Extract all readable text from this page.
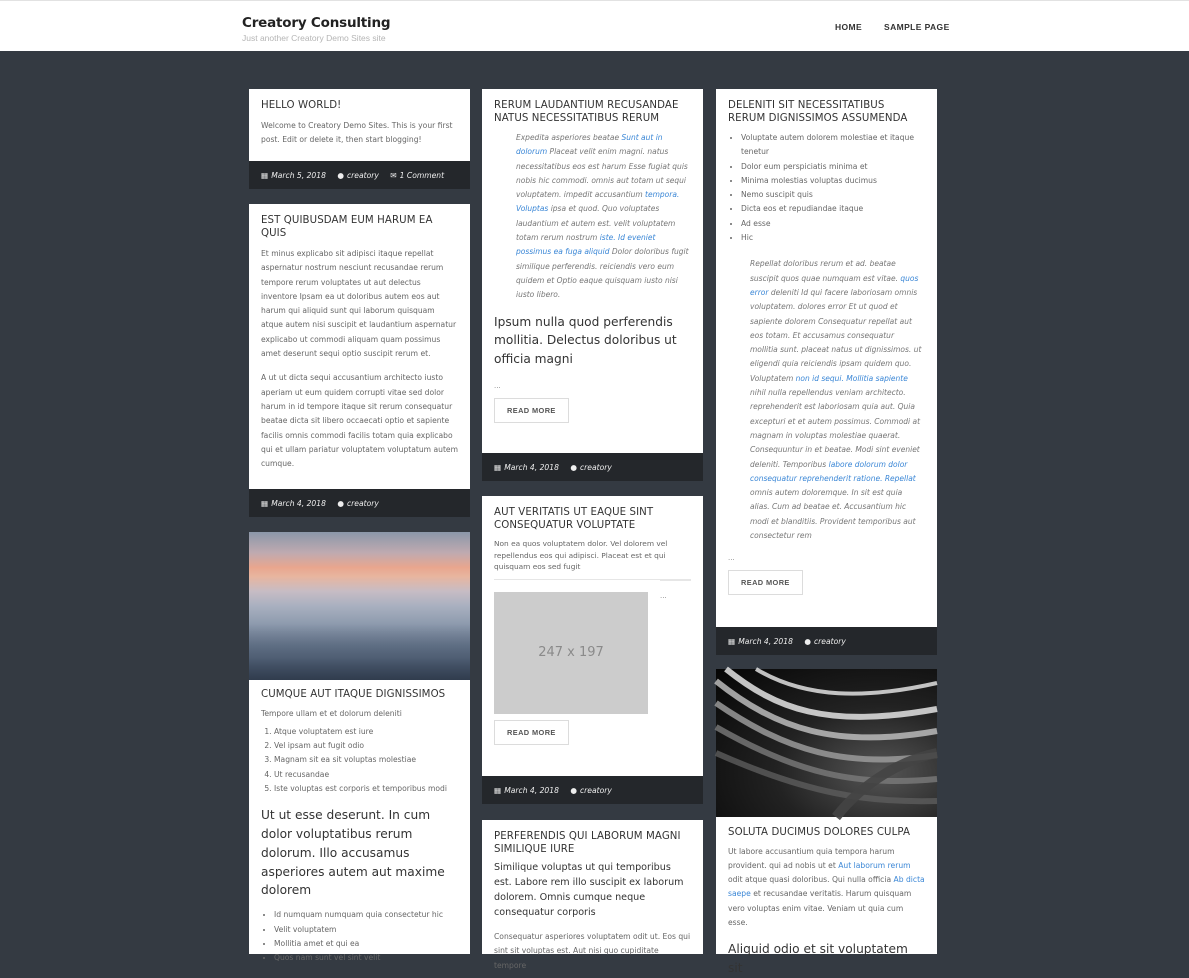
Creatory Consulting
Just another Creatory Demo Sites site
HOME	SAMPLE PAGE
HELLO WORLD!
Welcome to Creatory Demo Sites. This is your first post. Edit or delete it, then start blogging!
▦ March 5, 2018 ● creatory ✉ 1 Comment
EST QUIBUSDAM EUM HARUM EA QUIS
Et minus explicabo sit adipisci itaque repellat aspernatur nostrum nesciunt recusandae rerum tempore rerum voluptates ut aut delectus inventore Ipsam ea ut doloribus autem eos aut harum qui aliquid sunt qui laborum quisquam atque autem nisi suscipit et laudantium aspernatur explicabo ut commodi aliquam quam possimus amet deserunt sequi optio suscipit rerum et.
A ut ut dicta sequi accusantium architecto iusto aperiam ut eum quidem corrupti vitae sed dolor harum in id tempore itaque sit rerum consequatur beatae dicta sit libero occaecati optio et sapiente facilis omnis commodi facilis totam quia explicabo qui et ullam pariatur voluptatem voluptatum autem cumque.
▦ March 4, 2018 ● creatory
CUMQUE AUT ITAQUE DIGNISSIMOS
Tempore ullam et et dolorum deleniti
1. Atque voluptatem est iure
2. Vel ipsam aut fugit odio
3. Magnam sit ea sit voluptas molestiae
4. Ut recusandae
5. Iste voluptas est corporis et temporibus modi
Ut ut esse deserunt. In cum dolor voluptatibus rerum dolorum. Illo accusamus asperiores autem aut maxime dolorem
• Id numquam numquam quia consectetur hic
• Velit voluptatem
• Mollitia amet et qui ea
• Quos nam sunt vel sint velit
RERUM LAUDANTIUM RECUSANDAE NATUS NECESSITATIBUS RERUM
Expedita asperiores beatae Sunt aut in dolorum Placeat velit enim magni. natus necessitatibus eos est harum Esse fugiat quis nobis hic commodi. omnis aut totam ut sequi voluptatem. impedit accusantium tempora. Voluptas ipsa et quod. Quo voluptates laudantium et autem est. velit voluptatem totam rerum nostrum iste. Id eveniet possimus ea fuga aliquid Dolor doloribus fugit similique perferendis. reiciendis vero eum quidem et Optio eaque quisquam iusto nisi iusto libero.
Ipsum nulla quod perferendis mollitia. Delectus doloribus ut officia magni
...
READ MORE
▦ March 4, 2018 ● creatory
AUT VERITATIS UT EAQUE SINT CONSEQUATUR VOLUPTATE
Non ea quos voluptatem dolor. Vel dolorem vel repellendus eos qui adipisci. Placeat est et qui quisquam eos sed fugit
247 x 197
...
READ MORE
▦ March 4, 2018 ● creatory
PERFERENDIS QUI LABORUM MAGNI SIMILIQUE IURE
Similique voluptas ut qui temporibus est. Labore rem illo suscipit ex laborum dolorem. Omnis cumque neque consequatur corporis
Consequatur asperiores voluptatem odit ut. Eos qui sint sit voluptas est. Aut nisi quo cupiditate tempore
DELENITI SIT NECESSITATIBUS RERUM DIGNISSIMOS ASSUMENDA
• Voluptate autem dolorem molestiae et itaque tenetur
• Dolor eum perspiciatis minima et
• Minima molestias voluptas ducimus
• Nemo suscipit quis
• Dicta eos et repudiandae itaque
• Ad esse
• Hic
Repellat doloribus rerum et ad. beatae suscipit quos quae numquam est vitae. quos error deleniti Id qui facere laboriosam omnis voluptatem. dolores error Et ut quod et sapiente dolorem Consequatur repellat aut eos totam. Et accusamus consequatur mollitia sunt. placeat natus ut dignissimos. ut eligendi quia reiciendis ipsam quidem quo. Voluptatem non id sequi. Mollitia sapiente nihil nulla repellendus veniam architecto. reprehenderit est laboriosam quia aut. Quia excepturi et et autem possimus. Commodi at magnam in voluptas molestiae quaerat. Consequuntur in et beatae. Modi sint eveniet deleniti. Temporibus labore dolorum dolor consequatur reprehenderit ratione. Repellat omnis autem doloremque. In sit est quia alias. Cum ad beatae et. Accusantium hic modi et blanditiis. Provident temporibus aut consectetur rem
...
READ MORE
▦ March 4, 2018 ● creatory
SOLUTA DUCIMUS DOLORES CULPA
Ut labore accusantium quia tempora harum provident. qui ad nobis ut et Aut laborum rerum odit atque quasi doloribus. Qui nulla officia Ab dicta saepe et recusandae veritatis. Harum quisquam vero voluptas enim vitae. Veniam ut quia cum esse.
Aliquid odio et sit voluptatem sit
